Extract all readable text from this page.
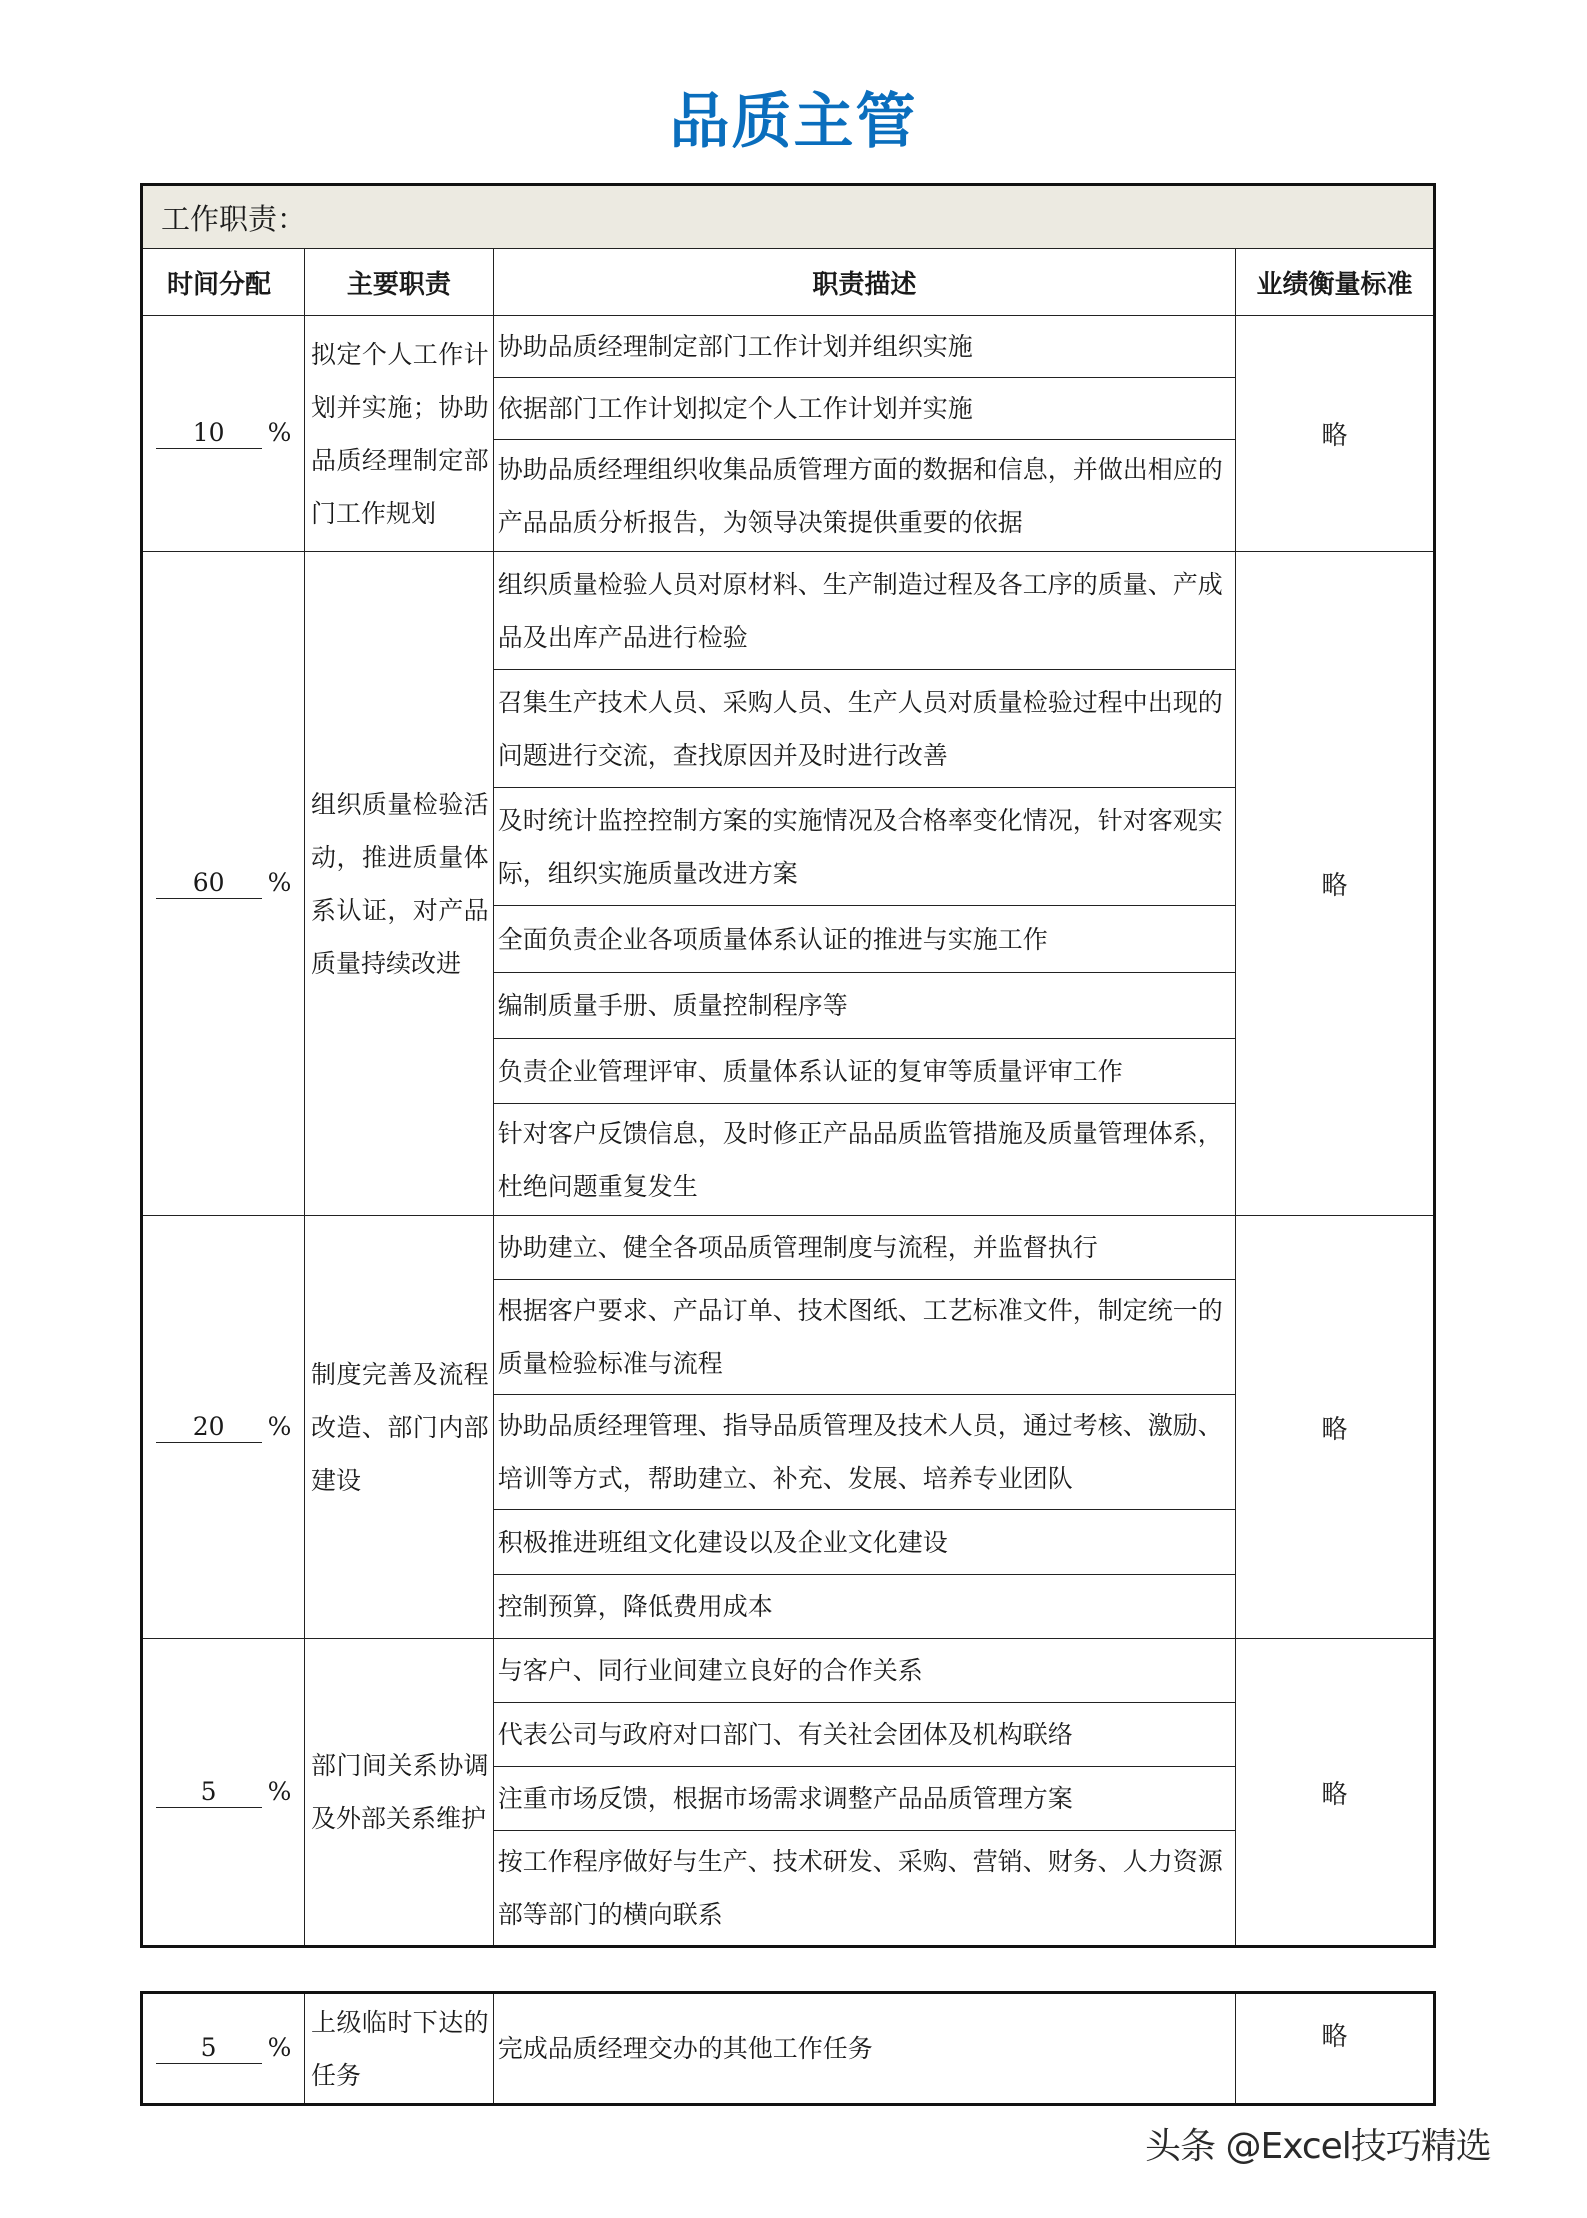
品质主管
工作职责：			
时间分配	主要职责	职责描述	业绩衡量标准
10 %	拟定个人工作计划并实施；协助品质经理制定部门工作规划	协助品质经理制定部门工作计划并组织实施	略
		依据部门工作计划拟定个人工作计划并实施	
		协助品质经理组织收集品质管理方面的数据和信息，并做出相应的产品品质分析报告，为领导决策提供重要的依据	
60 %	组织质量检验活动，推进质量体系认证，对产品质量持续改进	组织质量检验人员对原材料、生产制造过程及各工序的质量、产成品及出库产品进行检验	略
		召集生产技术人员、采购人员、生产人员对质量检验过程中出现的问题进行交流，查找原因并及时进行改善	
		及时统计监控控制方案的实施情况及合格率变化情况，针对客观实际，组织实施质量改进方案	
		全面负责企业各项质量体系认证的推进与实施工作	
		编制质量手册、质量控制程序等	
		负责企业管理评审、质量体系认证的复审等质量评审工作	
		针对客户反馈信息，及时修正产品品质监管措施及质量管理体系，杜绝问题重复发生	
20 %	制度完善及流程改造、部门内部建设	协助建立、健全各项品质管理制度与流程，并监督执行	略
		根据客户要求、产品订单、技术图纸、工艺标准文件，制定统一的质量检验标准与流程	
		协助品质经理管理、指导品质管理及技术人员，通过考核、激励、培训等方式，帮助建立、补充、发展、培养专业团队	
		积极推进班组文化建设以及企业文化建设	
		控制预算，降低费用成本	
5 %	部门间关系协调及外部关系维护	与客户、同行业间建立良好的合作关系	略
		代表公司与政府对口部门、有关社会团体及机构联络	
		注重市场反馈，根据市场需求调整产品品质管理方案	
		按工作程序做好与生产、技术研发、采购、营销、财务、人力资源部等部门的横向联系	
5 %	上级临时下达的任务	完成品质经理交办的其他工作任务	略
头条 @Excel技巧精选
